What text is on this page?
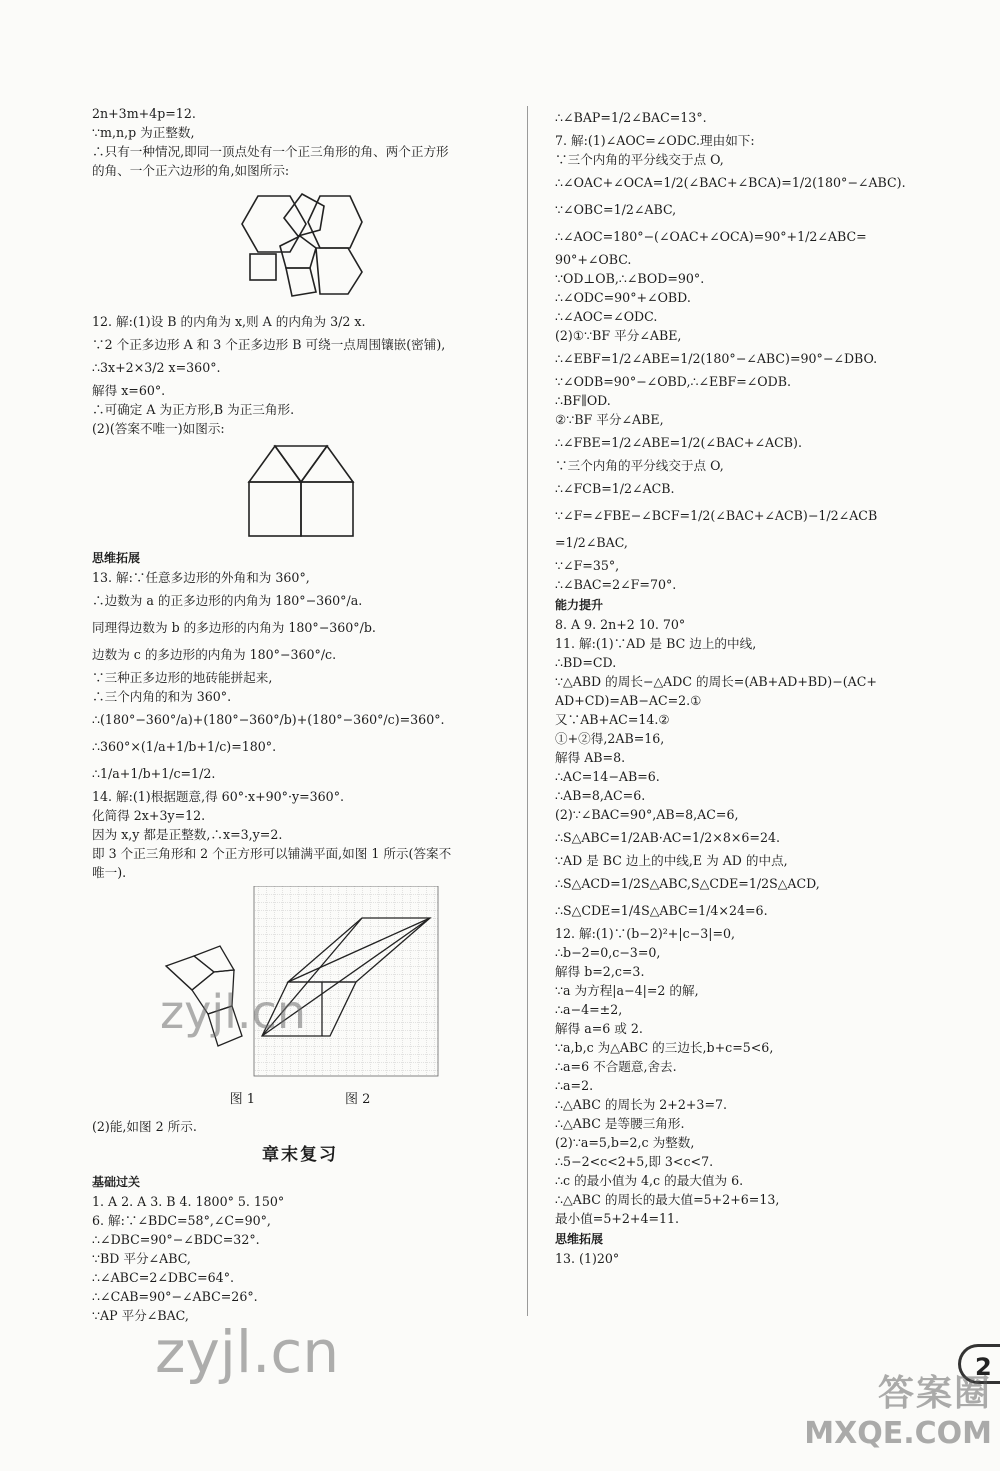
2n+3m+4p=12.
∵m,n,p 为正整数,
∴只有一种情况,即同一顶点处有一个正三角形的角、两个正方形
的角、一个正六边形的角,如图所示:
12. 解:(1)设 B 的内角为 x,则 A 的内角为 3/2 x.
∵2 个正多边形 A 和 3 个正多边形 B 可绕一点周围镶嵌(密铺),
∴3x+2×3/2 x=360°.
解得 x=60°.
∴可确定 A 为正方形,B 为正三角形.
(2)(答案不唯一)如图示:
思维拓展
13. 解:∵任意多边形的外角和为 360°,
∴边数为 a 的正多边形的内角为 180°−360°/a.
同理得边数为 b 的多边形的内角为 180°−360°/b.
边数为 c 的多边形的内角为 180°−360°/c.
∵三种正多边形的地砖能拼起来,
∴三个内角的和为 360°.
∴(180°−360°/a)+(180°−360°/b)+(180°−360°/c)=360°.
∴360°×(1/a+1/b+1/c)=180°.
∴1/a+1/b+1/c=1/2.
14. 解:(1)根据题意,得 60°·x+90°·y=360°.
化简得 2x+3y=12.
因为 x,y 都是正整数,∴x=3,y=2.
即 3 个正三角形和 2 个正方形可以铺满平面,如图 1 所示(答案不
唯一).
图 1	图 2
(2)能,如图 2 所示.
章末复习
基础过关
1. A 2. A 3. B 4. 1800° 5. 150°
6. 解:∵∠BDC=58°,∠C=90°,
∴∠DBC=90°−∠BDC=32°.
∵BD 平分∠ABC,
∴∠ABC=2∠DBC=64°.
∴∠CAB=90°−∠ABC=26°.
∵AP 平分∠BAC,
∴∠BAP=1/2∠BAC=13°.
7. 解:(1)∠AOC=∠ODC.理由如下:
∵三个内角的平分线交于点 O,
∴∠OAC+∠OCA=1/2(∠BAC+∠BCA)=1/2(180°−∠ABC).
∵∠OBC=1/2∠ABC,
∴∠AOC=180°−(∠OAC+∠OCA)=90°+1/2∠ABC=
90°+∠OBC.
∵OD⊥OB,∴∠BOD=90°.
∴∠ODC=90°+∠OBD.
∴∠AOC=∠ODC.
(2)①∵BF 平分∠ABE,
∴∠EBF=1/2∠ABE=1/2(180°−∠ABC)=90°−∠DBO.
∵∠ODB=90°−∠OBD,∴∠EBF=∠ODB.
∴BF∥OD.
②∵BF 平分∠ABE,
∴∠FBE=1/2∠ABE=1/2(∠BAC+∠ACB).
∵三个内角的平分线交于点 O,
∴∠FCB=1/2∠ACB.
∵∠F=∠FBE−∠BCF=1/2(∠BAC+∠ACB)−1/2∠ACB
=1/2∠BAC,
∵∠F=35°,
∴∠BAC=2∠F=70°.
能力提升
8. A 9. 2n+2 10. 70°
11. 解:(1)∵AD 是 BC 边上的中线,
∴BD=CD.
∵△ABD 的周长−△ADC 的周长=(AB+AD+BD)−(AC+
AD+CD)=AB−AC=2.①
又∵AB+AC=14.②
①+②得,2AB=16,
解得 AB=8.
∴AC=14−AB=6.
∴AB=8,AC=6.
(2)∵∠BAC=90°,AB=8,AC=6,
∴S△ABC=1/2AB·AC=1/2×8×6=24.
∵AD 是 BC 边上的中线,E 为 AD 的中点,
∴S△ACD=1/2S△ABC,S△CDE=1/2S△ACD,
∴S△CDE=1/4S△ABC=1/4×24=6.
12. 解:(1)∵(b−2)²+|c−3|=0,
∴b−2=0,c−3=0,
解得 b=2,c=3.
∵a 为方程|a−4|=2 的解,
∴a−4=±2,
解得 a=6 或 2.
∵a,b,c 为△ABC 的三边长,b+c=5<6,
∴a=6 不合题意,舍去.
∴a=2.
∴△ABC 的周长为 2+2+3=7.
∴△ABC 是等腰三角形.
(2)∵a=5,b=2,c 为整数,
∴5−2<c<2+5,即 3<c<7.
∴c 的最小值为 4,c 的最大值为 6.
∴△ABC 的周长的最大值=5+2+6=13,
最小值=5+2+4=11.
思维拓展
13. (1)20°
zyjl.cn
zyjl.cn	2
答案圈
MXQE.COM
